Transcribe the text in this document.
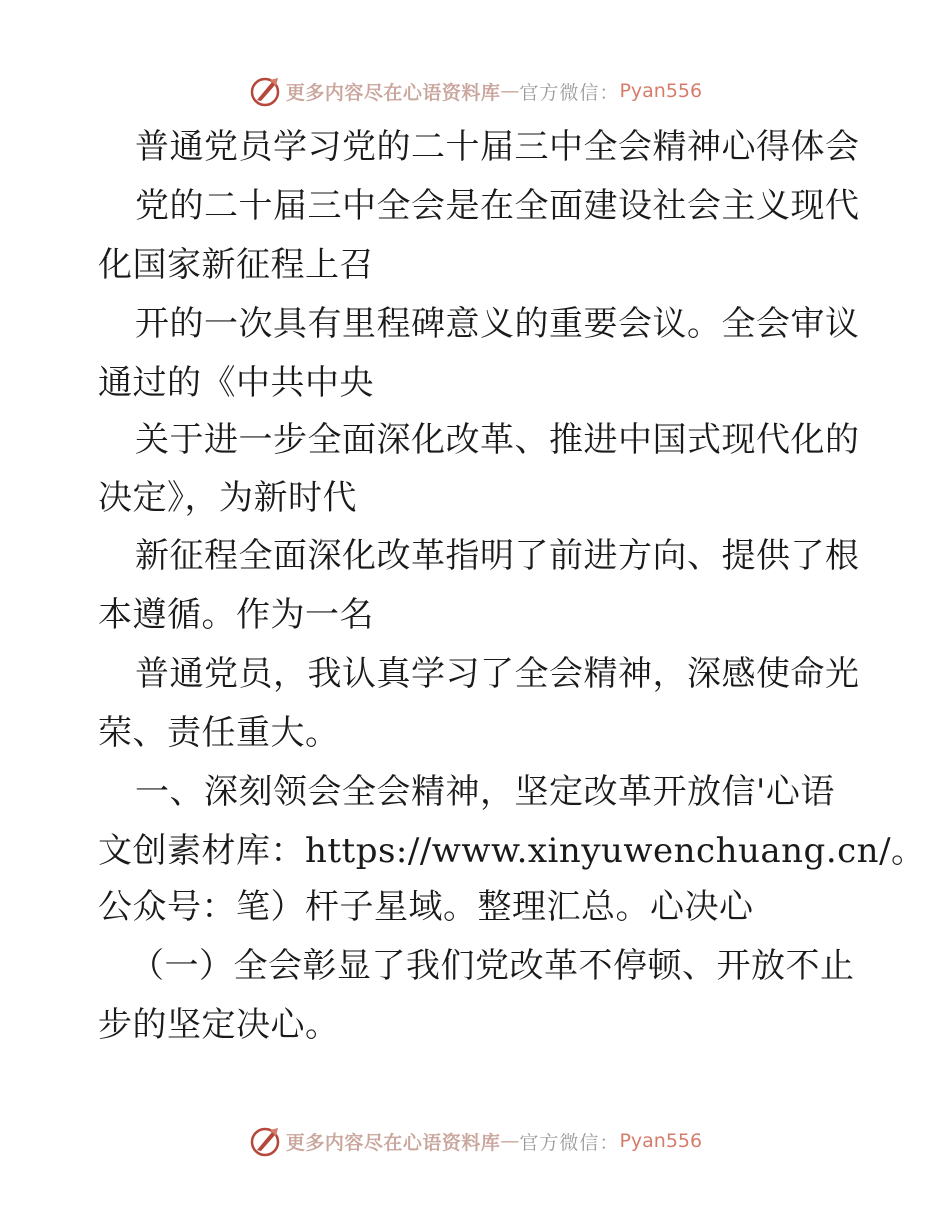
更多内容尽在心语资料库 — 官方微信： Pyan556
普通党员学习党的二十届三中全会精神心得体会
党的二十届三中全会是在全面建设社会主义现代
化国家新征程上召
开的一次具有里程碑意义的重要会议。全会审议
通过的《中共中央
关于进一步全面深化改革、推进中国式现代化的
决定》，为新时代
新征程全面深化改革指明了前进方向、提供了根
本遵循。作为一名
普通党员，我认真学习了全会精神，深感使命光
荣、责任重大。
一、深刻领会全会精神，坚定改革开放信'心语
文创素材库：https://www.xinyuwenchuang.cn/。
公众号：笔）杆子星域。整理汇总。心决心
（一）全会彰显了我们党改革不停顿、开放不止
步的坚定决心。
更多内容尽在心语资料库 — 官方微信： Pyan556
